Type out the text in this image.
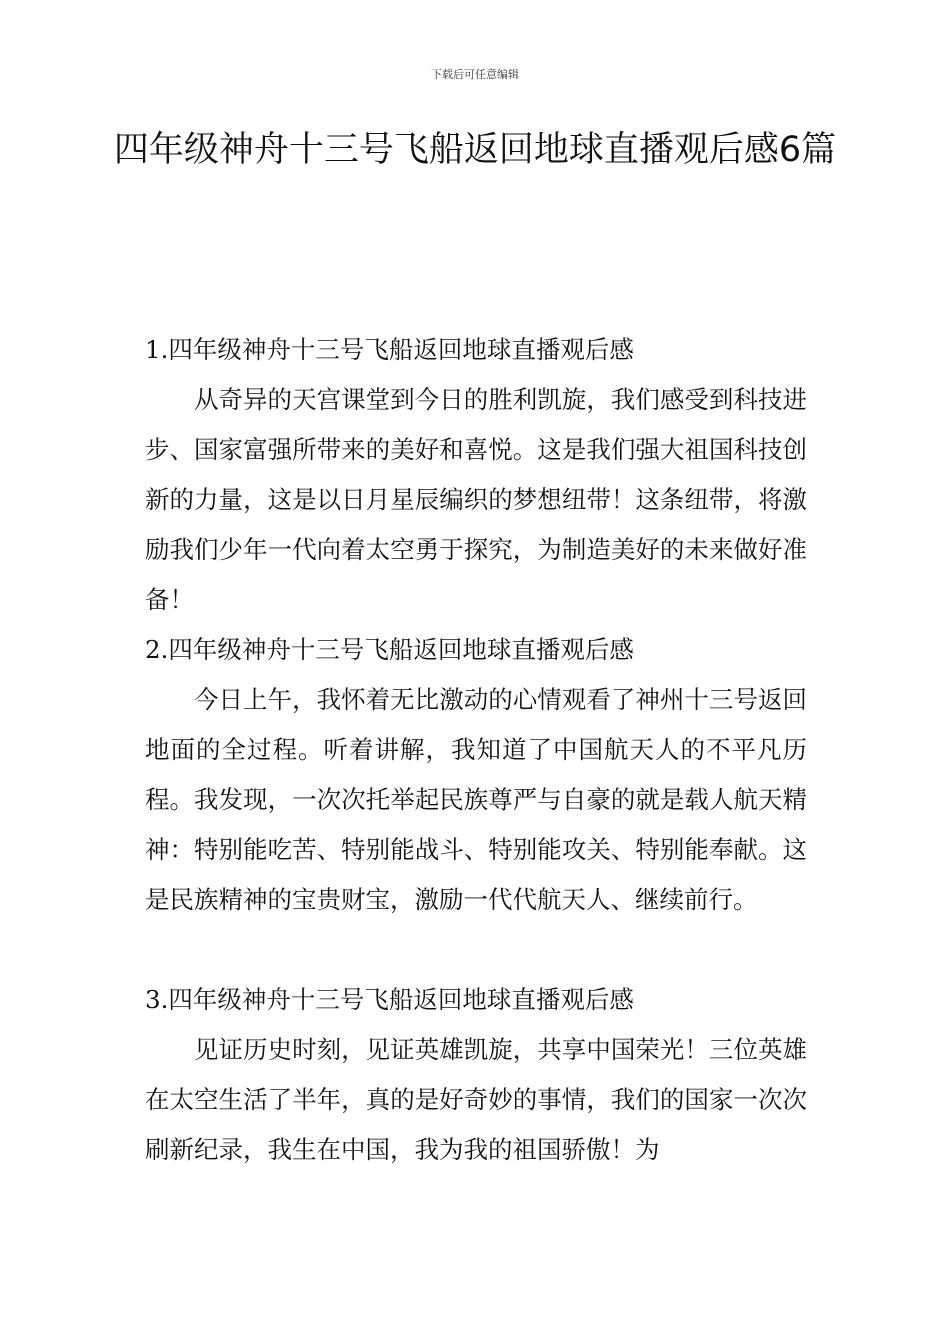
下载后可任意编辑
四年级神舟十三号飞船返回地球直播观后感6篇
1.四年级神舟十三号飞船返回地球直播观后感

从奇异的天宫课堂到今日的胜利凯旋，我们感受到科技进步、国家富强所带来的美好和喜悦。这是我们强大祖国科技创新的力量，这是以日月星辰编织的梦想纽带！这条纽带，将激励我们少年一代向着太空勇于探究，为制造美好的未来做好准备！

2.四年级神舟十三号飞船返回地球直播观后感

今日上午，我怀着无比激动的心情观看了神州十三号返回地面的全过程。听着讲解，我知道了中国航天人的不平凡历程。我发现，一次次托举起民族尊严与自豪的就是载人航天精神：特别能吃苦、特别能战斗、特别能攻关、特别能奉献。这是民族精神的宝贵财宝，激励一代代航天人、继续前行。

3.四年级神舟十三号飞船返回地球直播观后感

见证历史时刻，见证英雄凯旋，共享中国荣光！三位英雄在太空生活了半年，真的是好奇妙的事情，我们的国家一次次刷新纪录，我生在中国，我为我的祖国骄傲！为
